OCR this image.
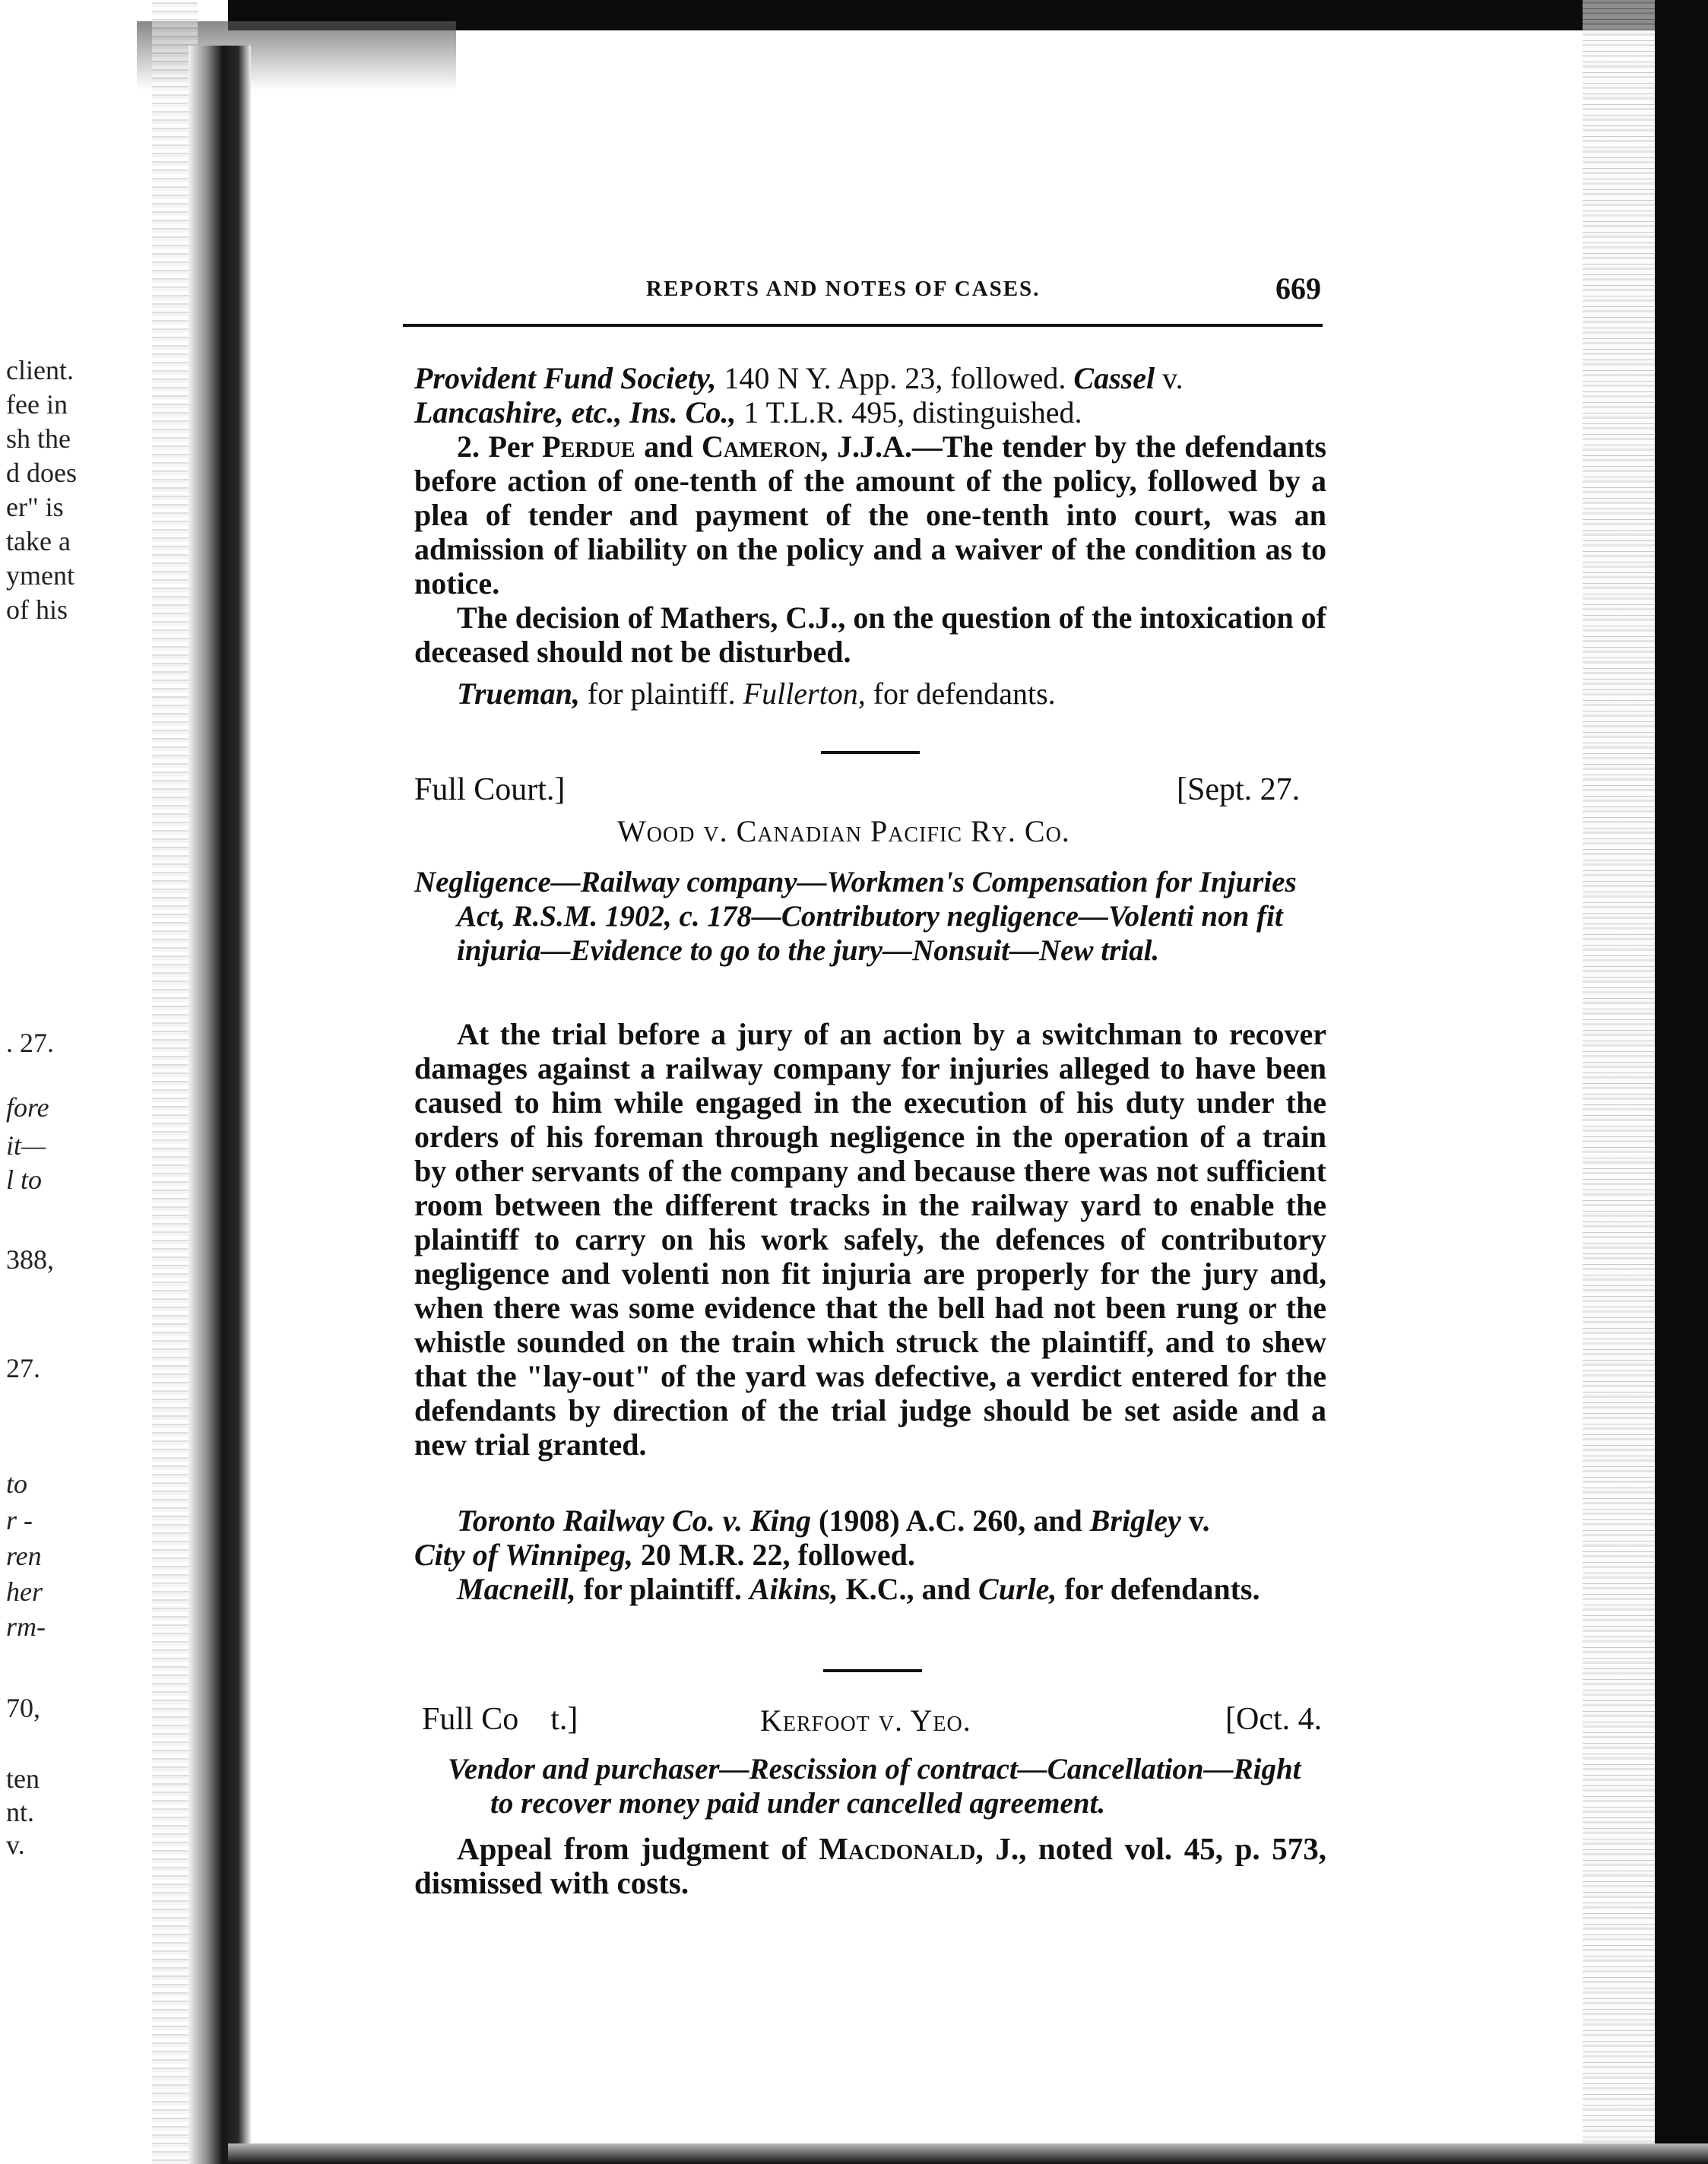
client.
fee in
sh the
d does
er" is
take a
yment
of his
. 27.
fore
it—
l to
388,
27.
to
r -
ren
her
rm-
70,
ten
nt.
v.
REPORTS AND NOTES OF CASES.	669
Provident Fund Society, 140 N Y. App. 23, followed. Cassel v.
Lancashire, etc., Ins. Co., 1 T.L.R. 495, distinguished.
2. Per Perdue and Cameron, J.J.A.—The tender by the defendants before action of one-tenth of the amount of the policy, followed by a plea of tender and payment of the one-tenth into court, was an admission of liability on the policy and a waiver of the condition as to notice.
The decision of Mathers, C.J., on the question of the intoxication of deceased should not be disturbed.
Trueman, for plaintiff. Fullerton, for defendants.
Full Court.]	[Sept. 27.
Wood v. Canadian Pacific Ry. Co.
Negligence—Railway company—Workmen's Compensation for Injuries Act, R.S.M. 1902, c. 178—Contributory negligence—Volenti non fit injuria—Evidence to go to the jury—Nonsuit—New trial.
At the trial before a jury of an action by a switchman to recover damages against a railway company for injuries alleged to have been caused to him while engaged in the execution of his duty under the orders of his foreman through negligence in the operation of a train by other servants of the company and because there was not sufficient room between the different tracks in the railway yard to enable the plaintiff to carry on his work safely, the defences of contributory negligence and volenti non fit injuria are properly for the jury and, when there was some evidence that the bell had not been rung or the whistle sounded on the train which struck the plaintiff, and to shew that the "lay-out" of the yard was defective, a verdict entered for the defendants by direction of the trial judge should be set aside and a new trial granted.
Toronto Railway Co. v. King (1908) A.C. 260, and Brigley v.
City of Winnipeg, 20 M.R. 22, followed.
Macneill, for plaintiff. Aikins, K.C., and Curle, for defendants.
Full Co t.]	Kerfoot v. Yeo.	[Oct. 4.
Vendor and purchaser—Rescission of contract—Cancellation—Right to recover money paid under cancelled agreement.
Appeal from judgment of Macdonald, J., noted vol. 45, p. 573, dismissed with costs.
